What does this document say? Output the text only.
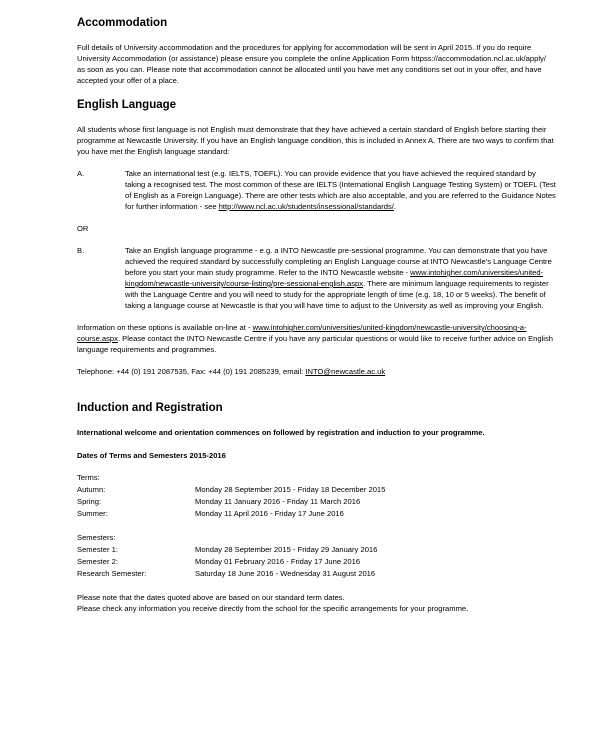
Accommodation

Full details of University accommodation and the procedures for applying for accommodation will be sent in April 2015. If you do require University Accommodation (or assistance) please ensure you complete the online Application Form httpss://accommodation.ncl.ac.uk/apply/ as soon as you can. Please note that accommodation cannot be allocated until you have met any conditions set out in your offer, and have accepted your offer of a place.

English Language

All students whose first language is not English must demonstrate that they have achieved a certain standard of English before starting their programme at Newcastle University. If you have an English language condition, this is included in Annex A. There are two ways to confirm that you have met the English language standard:

A.	Take an international test (e.g. IELTS, TOEFL). You can provide evidence that you have achieved the required standard by taking a recognised test. The most common of these are IELTS (International English Language Testing System) or TOEFL (Test of English as a Foreign Language). There are other tests which are also acceptable, and you are referred to the Guidance Notes for further information - see http://www.ncl.ac.uk/students/insessional/standards/.

OR

B.	Take an English language programme - e.g. a INTO Newcastle pre-sessional programme. You can demonstrate that you have achieved the required standard by successfully completing an English Language course at INTO Newcastle's Language Centre before you start your main study programme. Refer to the INTO Newcastle website - www.intohigher.com/universities/united-kingdom/newcastle-university/course-listing/pre-sessional-english.aspx. There are minimum language requirements to register with the Language Centre and you will need to study for the appropriate length of time (e.g. 18, 10 or 5 weeks). The benefit of taking a language course at Newcastle is that you will have time to adjust to the University as well as improving your English.

Information on these options is available on-line at - www.intohigher.com/universities/united-kingdom/newcastle-university/choosing-a-course.aspx. Please contact the INTO Newcastle Centre if you have any particular questions or would like to receive further advice on English language requirements and programmes.

Telephone: +44 (0) 191 2087535, Fax: +44 (0) 191 2085239, email: INTO@newcastle.ac.uk

Induction and Registration

International welcome and orientation commences on followed by registration and induction to your programme.

Dates of Terms and Semesters 2015-2016

Terms:
Autumn:	Monday 28 September 2015 - Friday 18 December 2015
Spring:	Monday 11 January 2016 - Friday 11 March 2016
Summer:	Monday 11 April 2016 - Friday 17 June 2016
Semesters:
Semester 1:	Monday 28 September 2015 - Friday 29 January 2016
Semester 2:	Monday 01 February 2016 - Friday 17 June 2016
Research Semester:	Saturday 18 June 2016 - Wednesday 31 August 2016

Please note that the dates quoted above are based on our standard term dates.

Please check any information you receive directly from the school for the specific arrangements for your programme.
